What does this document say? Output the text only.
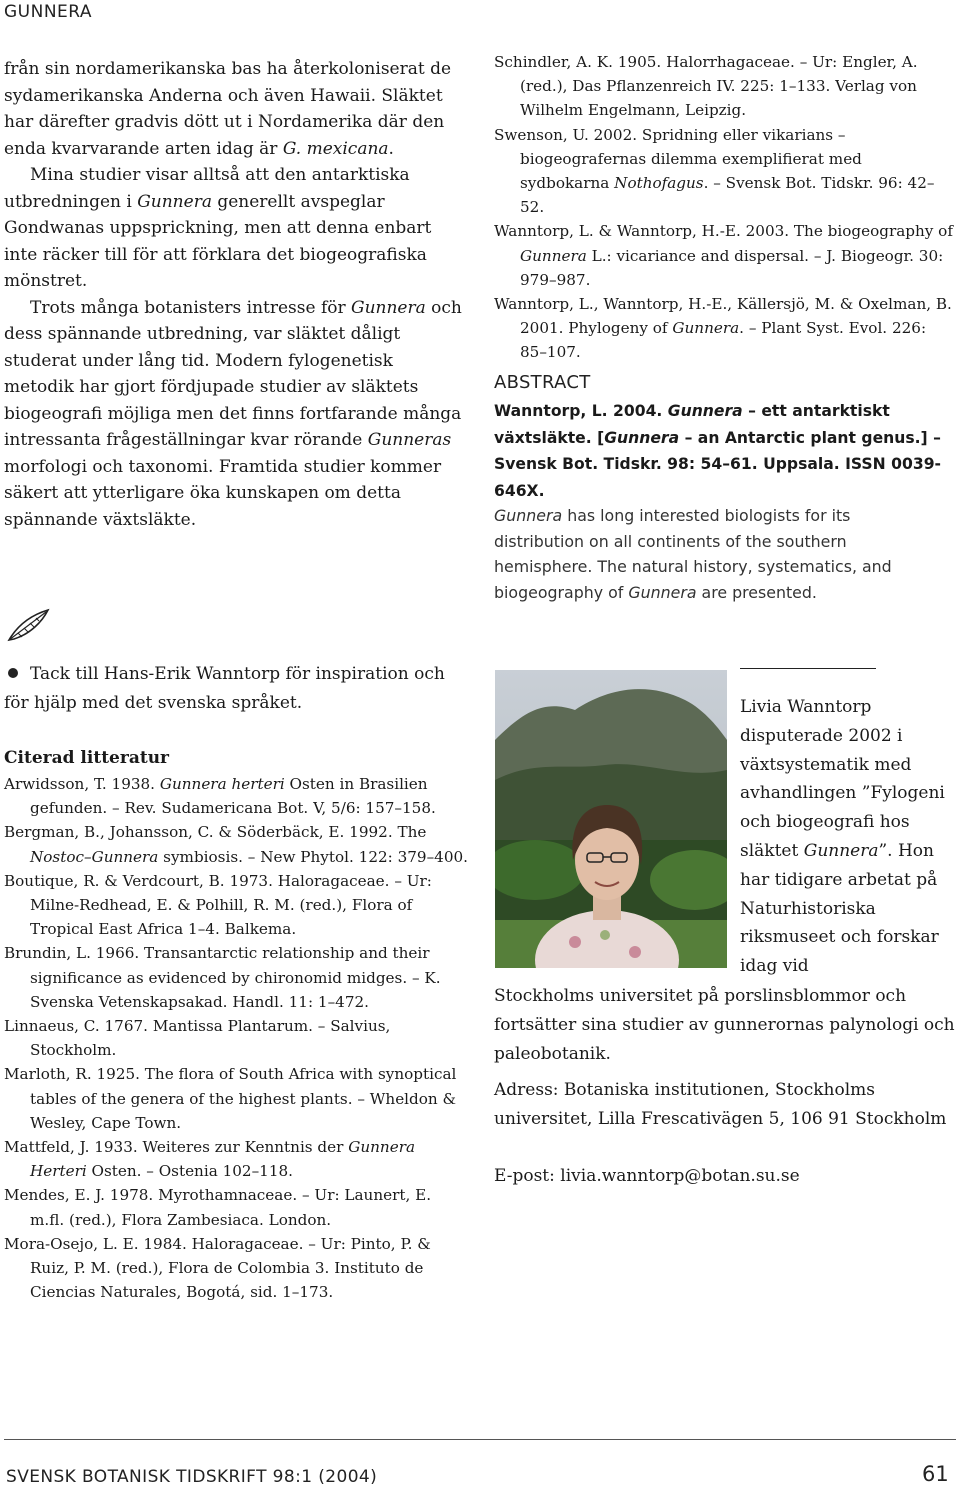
GUNNERA

från sin nordamerikanska bas ha återkoloniserat de sydamerikanska Anderna och även Hawaii. Släktet har därefter gradvis dött ut i Nordamerika där den enda kvarvarande arten idag är G. mexicana.

Mina studier visar alltså att den antarktiska utbredningen i Gunnera generellt avspeglar Gondwanas uppsprickning, men att denna enbart inte räcker till för att förklara det biogeografiska mönstret.

Trots många botanisters intresse för Gunnera och dess spännande utbredning, var släktet dåligt studerat under lång tid. Modern fylogenetisk metodik har gjort fördjupade studier av släktets biogeografi möjliga men det finns fortfarande många intressanta frågeställningar kvar rörande Gunneras morfologi och taxonomi. Framtida studier kommer säkert att ytterligare öka kunskapen om detta spännande växtsläkte.

Tack till Hans-Erik Wanntorp för inspiration och för hjälp med det svenska språket.
Citerad litteratur

Arwidsson, T. 1938. Gunnera herteri Osten in Brasilien gefunden. – Rev. Sudamericana Bot. V, 5/6: 157–158.

Bergman, B., Johansson, C. & Söderbäck, E. 1992. The Nostoc–Gunnera symbiosis. – New Phytol. 122: 379–400.

Boutique, R. & Verdcourt, B. 1973. Haloragaceae. – Ur: Milne-Redhead, E. & Polhill, R. M. (red.), Flora of Tropical East Africa 1–4. Balkema.

Brundin, L. 1966. Transantarctic relationship and their significance as evidenced by chironomid midges. – K. Svenska Vetenskapsakad. Handl. 11: 1–472.

Linnaeus, C. 1767. Mantissa Plantarum. – Salvius, Stockholm.

Marloth, R. 1925. The flora of South Africa with synoptical tables of the genera of the highest plants. – Wheldon & Wesley, Cape Town.

Mattfeld, J. 1933. Weiteres zur Kenntnis der Gunnera Herteri Osten. – Ostenia 102–118.

Mendes, E. J. 1978. Myrothamnaceae. – Ur: Launert, E. m.fl. (red.), Flora Zambesiaca. London.

Mora-Osejo, L. E. 1984. Haloragaceae. – Ur: Pinto, P. & Ruiz, P. M. (red.), Flora de Colombia 3. Instituto de Ciencias Naturales, Bogotá, sid. 1–173.

Schindler, A. K. 1905. Halorrhagaceae. – Ur: Engler, A. (red.), Das Pflanzenreich IV. 225: 1–133. Verlag von Wilhelm Engelmann, Leipzig.

Swenson, U. 2002. Spridning eller vikarians – biogeografernas dilemma exemplifierat med sydbokarna Nothofagus. – Svensk Bot. Tidskr. 96: 42–52.

Wanntorp, L. & Wanntorp, H.-E. 2003. The biogeography of Gunnera L.: vicariance and dispersal. – J. Biogeogr. 30: 979–987.

Wanntorp, L., Wanntorp, H.-E., Källersjö, M. & Oxelman, B. 2001. Phylogeny of Gunnera. – Plant Syst. Evol. 226: 85–107.

ABSTRACT
Wanntorp, L. 2004. Gunnera – ett antarktiskt växtsläkte. [Gunnera – an Antarctic plant genus.] – Svensk Bot. Tidskr. 98: 54–61. Uppsala. ISSN 0039-646X.
Gunnera has long interested biologists for its distribution on all continents of the southern hemisphere. The natural history, systematics, and biogeography of Gunnera are presented.
Livia Wanntorp disputerade 2002 i växtsystematik med avhandlingen ”Fylogeni och biogeografi hos släktet Gunnera”. Hon har tidigare arbetat på Naturhistoriska riksmuseet och forskar idag vid
Stockholms universitet på porslinsblommor och fortsätter sina studier av gunnerornas palynologi och paleobotanik.
Adress: Botaniska institutionen, Stockholms universitet, Lilla Frescativägen 5, 106 91 Stockholm
E-post: livia.wanntorp@botan.su.se
SVENSK BOTANISK TIDSKRIFT 98:1 (2004)	61
